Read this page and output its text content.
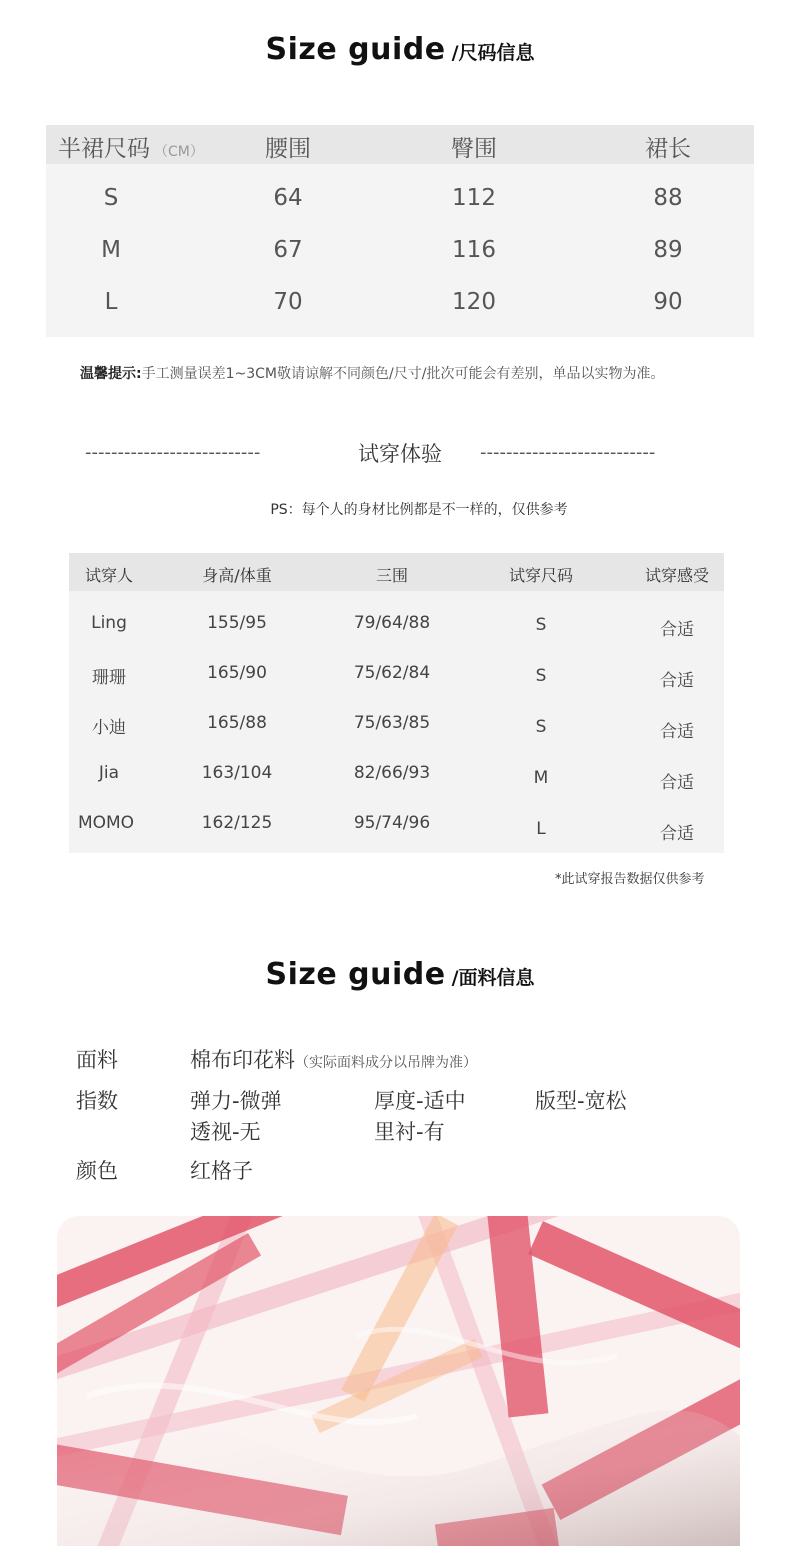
Size guide /尺码信息
半裙尺码 （CM）	腰围	臀围	裙长
S	64	112	88
M	67	116	89
L	70	120	90
温馨提示:手工测量误差1~3CM敬请谅解不同颜色/尺寸/批次可能会有差别，单品以实物为准。
---------------------------	试穿体验	---------------------------
PS：每个人的身材比例都是不一样的，仅供参考
试穿人	身高/体重	三围	试穿尺码	试穿感受
Ling	155/95	79/64/88	S	合适
珊珊	165/90	75/62/84	S	合适
小迪	165/88	75/63/85	S	合适
Jia	163/104	82/66/93	M	合适
MOMO	162/125	95/74/96	L	合适
*此试穿报告数据仅供参考
Size guide /面料信息
面料	棉布印花料（实际面料成分以吊牌为准）
指数	弹力-微弹	厚度-适中	版型-宽松
透视-无	里衬-有
颜色	红格子
